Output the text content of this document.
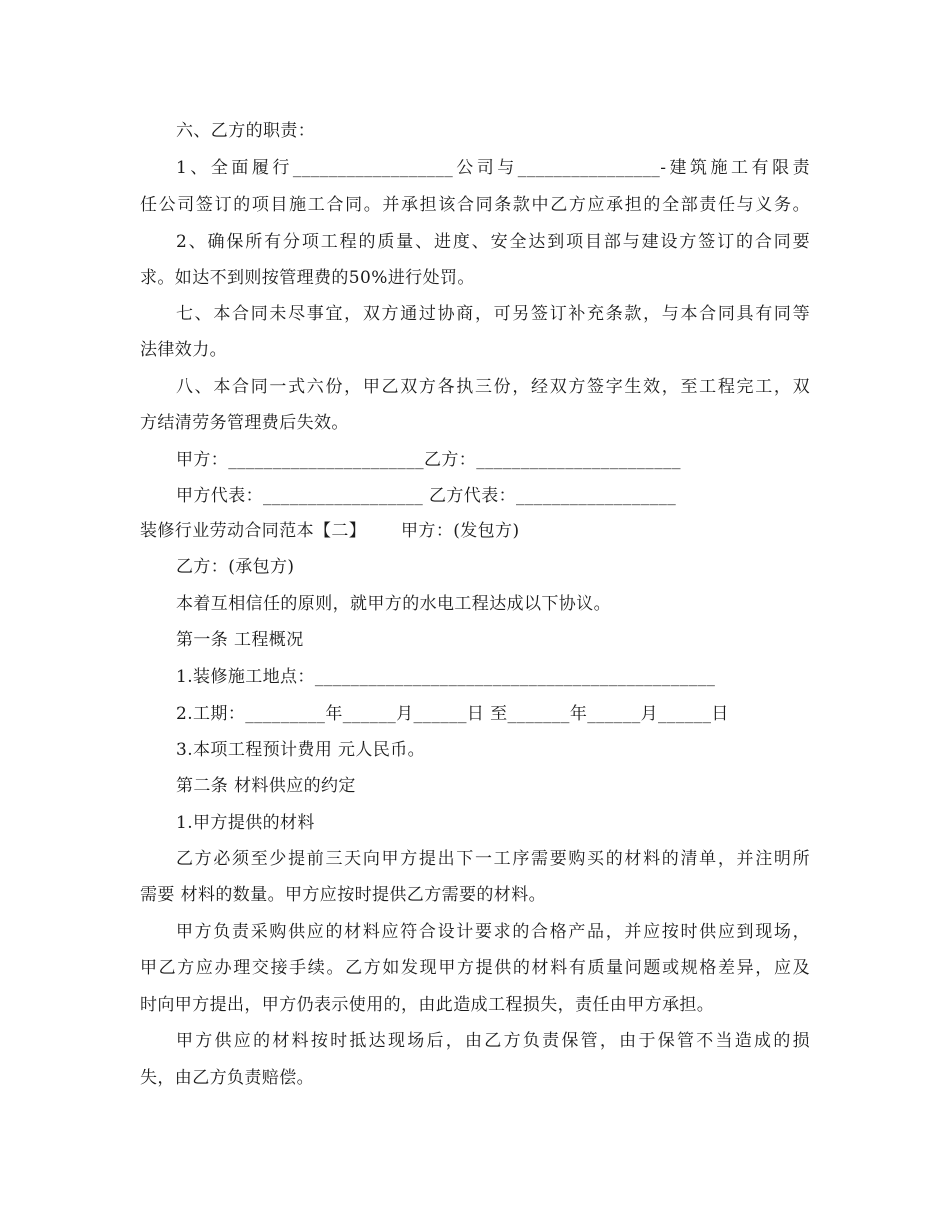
六、乙方的职责：
1、全面履行__________________公司与________________-建筑施工有限责
任公司签订的项目施工合同。并承担该合同条款中乙方应承担的全部责任与义务。
2、确保所有分项工程的质量、进度、安全达到项目部与建设方签订的合同要
求。如达不到则按管理费的50%进行处罚。
七、本合同未尽事宜，双方通过协商，可另签订补充条款，与本合同具有同等
法律效力。
八、本合同一式六份，甲乙双方各执三份，经双方签字生效，至工程完工，双
方结清劳务管理费后失效。
甲方：______________________乙方：_______________________
甲方代表：__________________ 乙方代表：__________________
装修行业劳动合同范本【二】      甲方：(发包方)
乙方：(承包方)
本着互相信任的原则，就甲方的水电工程达成以下协议。
第一条 工程概况
1.装修施工地点：_____________________________________________
2.工期：_________年______月______日 至_______年______月______日
3.本项工程预计费用 元人民币。
第二条 材料供应的约定
1.甲方提供的材料
乙方必须至少提前三天向甲方提出下一工序需要购买的材料的清单，并注明所
需要 材料的数量。甲方应按时提供乙方需要的材料。
甲方负责采购供应的材料应符合设计要求的合格产品，并应按时供应到现场，
甲乙方应办理交接手续。乙方如发现甲方提供的材料有质量问题或规格差异，应及
时向甲方提出，甲方仍表示使用的，由此造成工程损失，责任由甲方承担。
甲方供应的材料按时抵达现场后，由乙方负责保管，由于保管不当造成的损
失，由乙方负责赔偿。
